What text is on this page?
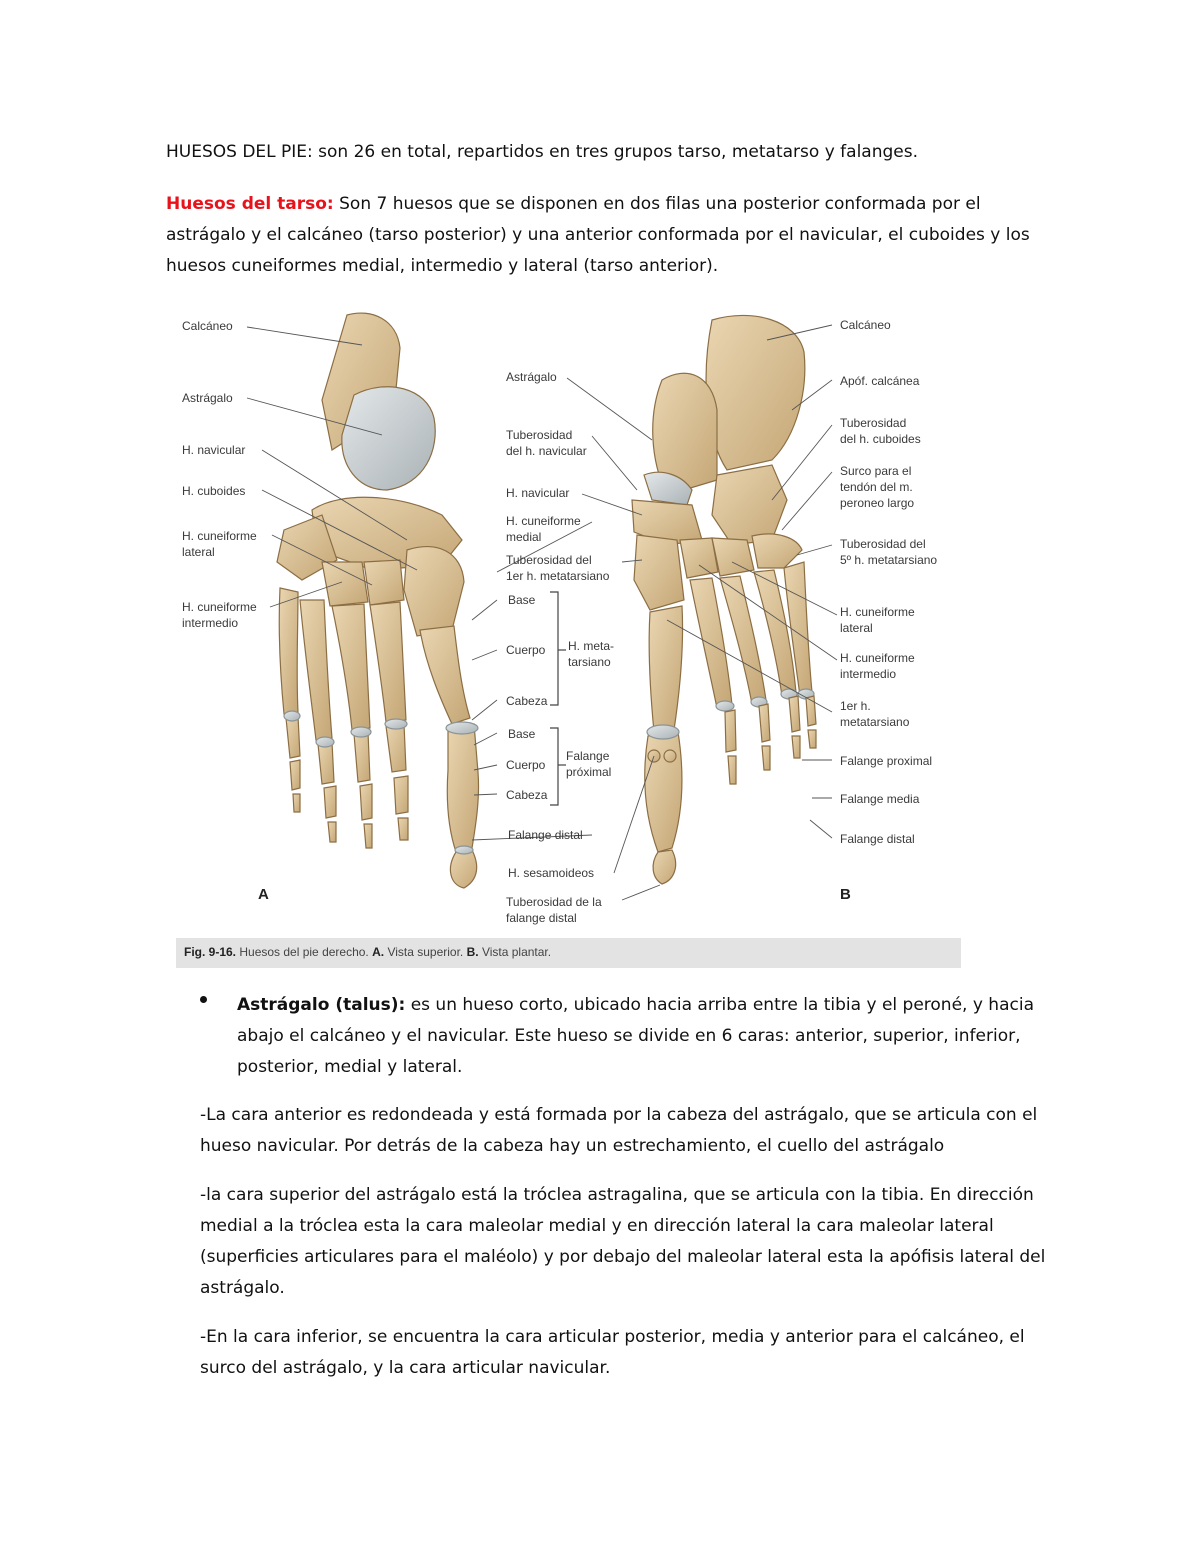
HUESOS DEL PIE: son 26 en total, repartidos en tres grupos tarso, metatarso y falanges.

Huesos del tarso: Son 7 huesos que se disponen en dos filas una posterior conformada por el astrágalo y el calcáneo (tarso posterior) y una anterior conformada por el navicular, el cuboides y los huesos cuneiformes medial, intermedio y lateral (tarso anterior).

Calcáneo
Astrágalo
H. navicular
H. cuboides
H. cuneiforme
lateral
H. cuneiforme
intermedio
A
Astrágalo
Tuberosidad
del h. navicular
H. navicular
H. cuneiforme
medial
Tuberosidad del
1er h. metatarsiano
Base
Cuerpo
Cabeza
H. meta-
tarsiano
Base
Cuerpo
Cabeza
Falange
próximal
Falange distal
H. sesamoideos
Tuberosidad de la
falange distal
Calcáneo
Apóf. calcánea
Tuberosidad
del h. cuboides
Surco para el
tendón del m.
peroneo largo
Tuberosidad del
5º h. metatarsiano
H. cuneiforme
lateral
H. cuneiforme
intermedio
1er h.
metatarsiano
Falange proximal
Falange media
Falange distal
B
Fig. 9-16. Huesos del pie derecho. A. Vista superior. B. Vista plantar.
Astrágalo (talus): es un hueso corto, ubicado hacia arriba entre la tibia y el peroné, y hacia abajo el calcáneo y el navicular. Este hueso se divide en 6 caras: anterior, superior, inferior, posterior, medial y lateral.

-La cara anterior es redondeada y está formada por la cabeza del astrágalo, que se articula con el hueso navicular. Por detrás de la cabeza hay un estrechamiento, el cuello del astrágalo

-la cara superior del astrágalo está la tróclea astragalina, que se articula con la tibia. En dirección medial a la tróclea esta la cara maleolar medial y en dirección lateral la cara maleolar lateral (superficies articulares para el maléolo) y por debajo del maleolar lateral esta la apófisis lateral del astrágalo.

-En la cara inferior, se encuentra la cara articular posterior, media y anterior para el calcáneo, el surco del astrágalo, y la cara articular navicular.
